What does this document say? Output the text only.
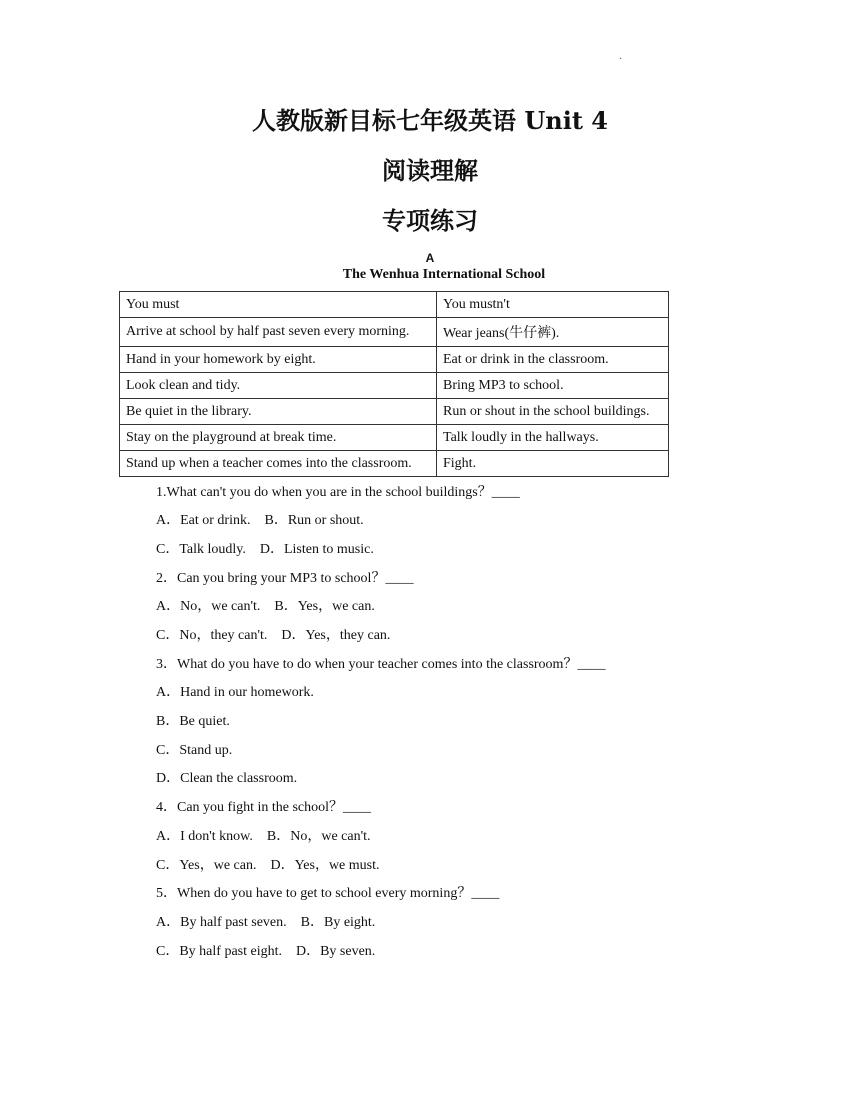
·
人教版新目标七年级英语 Unit 4
阅读理解
专项练习
A
The Wenhua International School
You must	You mustn't
Arrive at school by half past seven every morning.	Wear jeans(牛仔裤).
Hand in your homework by eight.	Eat or drink in the classroom.
Look clean and tidy.	Bring MP3 to school.
Be quiet in the library.	Run or shout in the school buildings.
Stay on the playground at break time.	Talk loudly in the hallways.
Stand up when a teacher comes into the classroom.	Fight.
1.What can't you do when you are in the school buildings？____
A．Eat or drink.    B．Run or shout.
C．Talk loudly.    D．Listen to music.
2．Can you bring your MP3 to school？____
A．No，we can't.    B．Yes，we can.
C．No，they can't.    D．Yes，they can.
3．What do you have to do when your teacher comes into the classroom？____
A．Hand in our homework.
B．Be quiet.
C．Stand up.
D．Clean the classroom.
4．Can you fight in the school？____
A．I don't know.    B．No，we can't.
C．Yes，we can.    D．Yes，we must.
5．When do you have to get to school every morning？____
A．By half past seven.    B．By eight.
C．By half past eight.    D．By seven.
